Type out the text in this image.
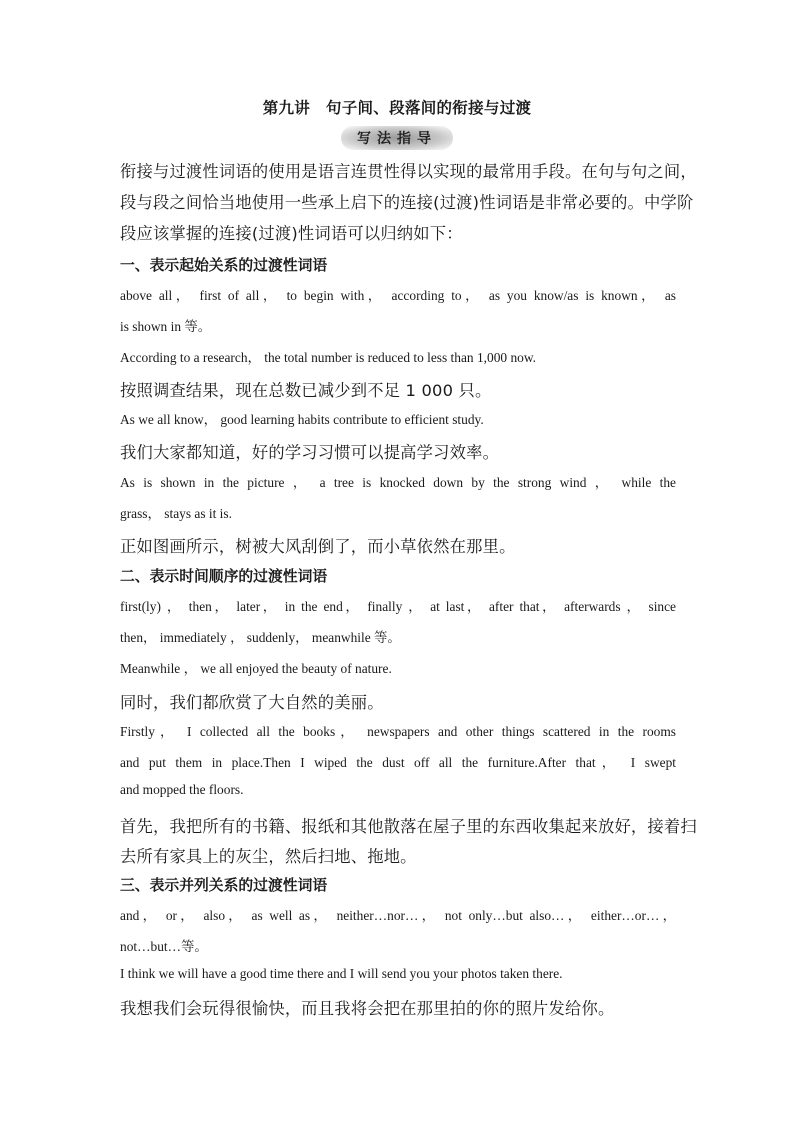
第九讲　句子间、段落间的衔接与过渡
写法指导
衔接与过渡性词语的使用是语言连贯性得以实现的最常用手段。在句与句之间，
段与段之间恰当地使用一些承上启下的连接(过渡)性词语是非常必要的。中学阶
段应该掌握的连接(过渡)性词语可以归纳如下：
一、表示起始关系的过渡性词语
above all， first of all， to begin with， according to， as you know/as is known， as
is shown in 等。
According to a research， the total number is reduced to less than 1,000 now.
按照调查结果，现在总数已减少到不足 1 000 只。
As we all know， good learning habits contribute to efficient study.
我们大家都知道，好的学习习惯可以提高学习效率。
As is shown in the picture ， a tree is knocked down by the strong wind ， while the
grass， stays as it is.
正如图画所示，树被大风刮倒了，而小草依然在那里。
二、表示时间顺序的过渡性词语
first(ly) ， then， later， in the end， finally ， at last， after that， afterwards ， since
then， immediately ， suddenly， meanwhile 等。
Meanwhile ， we all enjoyed the beauty of nature.
同时，我们都欣赏了大自然的美丽。
Firstly， I collected all the books， newspapers and other things scattered in the rooms
and put them in place.Then I wiped the dust off all the furniture.After that， I swept
and mopped the floors.
首先，我把所有的书籍、报纸和其他散落在屋子里的东西收集起来放好，接着扫
去所有家具上的灰尘，然后扫地、拖地。
三、表示并列关系的过渡性词语
and， or， also， as well as， neither…nor…， not only…but also…， either…or…，
not…but…等。
I think we will have a good time there and I will send you your photos taken there.
我想我们会玩得很愉快，而且我将会把在那里拍的你的照片发给你。
